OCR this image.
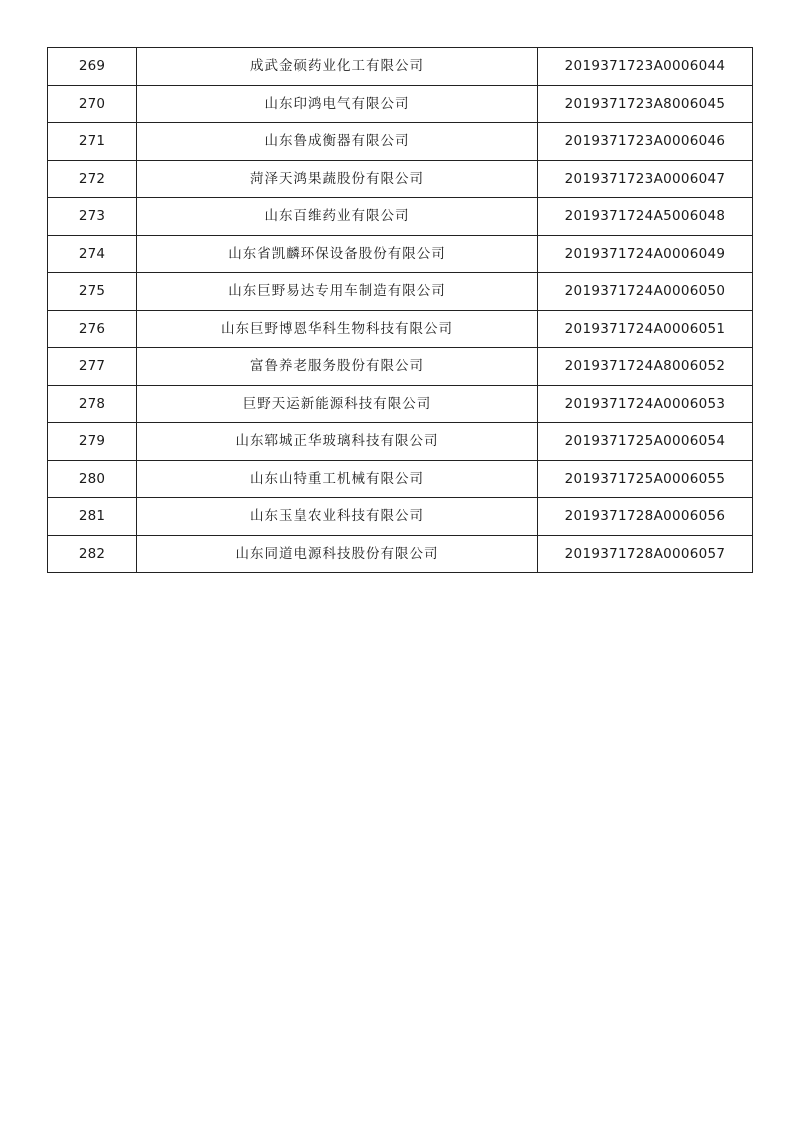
269	成武金硕药业化工有限公司	2019371723A0006044
270	山东印鸿电气有限公司	2019371723A8006045
271	山东鲁成衡器有限公司	2019371723A0006046
272	菏泽天鸿果蔬股份有限公司	2019371723A0006047
273	山东百维药业有限公司	2019371724A5006048
274	山东省凯麟环保设备股份有限公司	2019371724A0006049
275	山东巨野易达专用车制造有限公司	2019371724A0006050
276	山东巨野博恩华科生物科技有限公司	2019371724A0006051
277	富鲁养老服务股份有限公司	2019371724A8006052
278	巨野天运新能源科技有限公司	2019371724A0006053
279	山东郓城正华玻璃科技有限公司	2019371725A0006054
280	山东山特重工机械有限公司	2019371725A0006055
281	山东玉皇农业科技有限公司	2019371728A0006056
282	山东同道电源科技股份有限公司	2019371728A0006057
